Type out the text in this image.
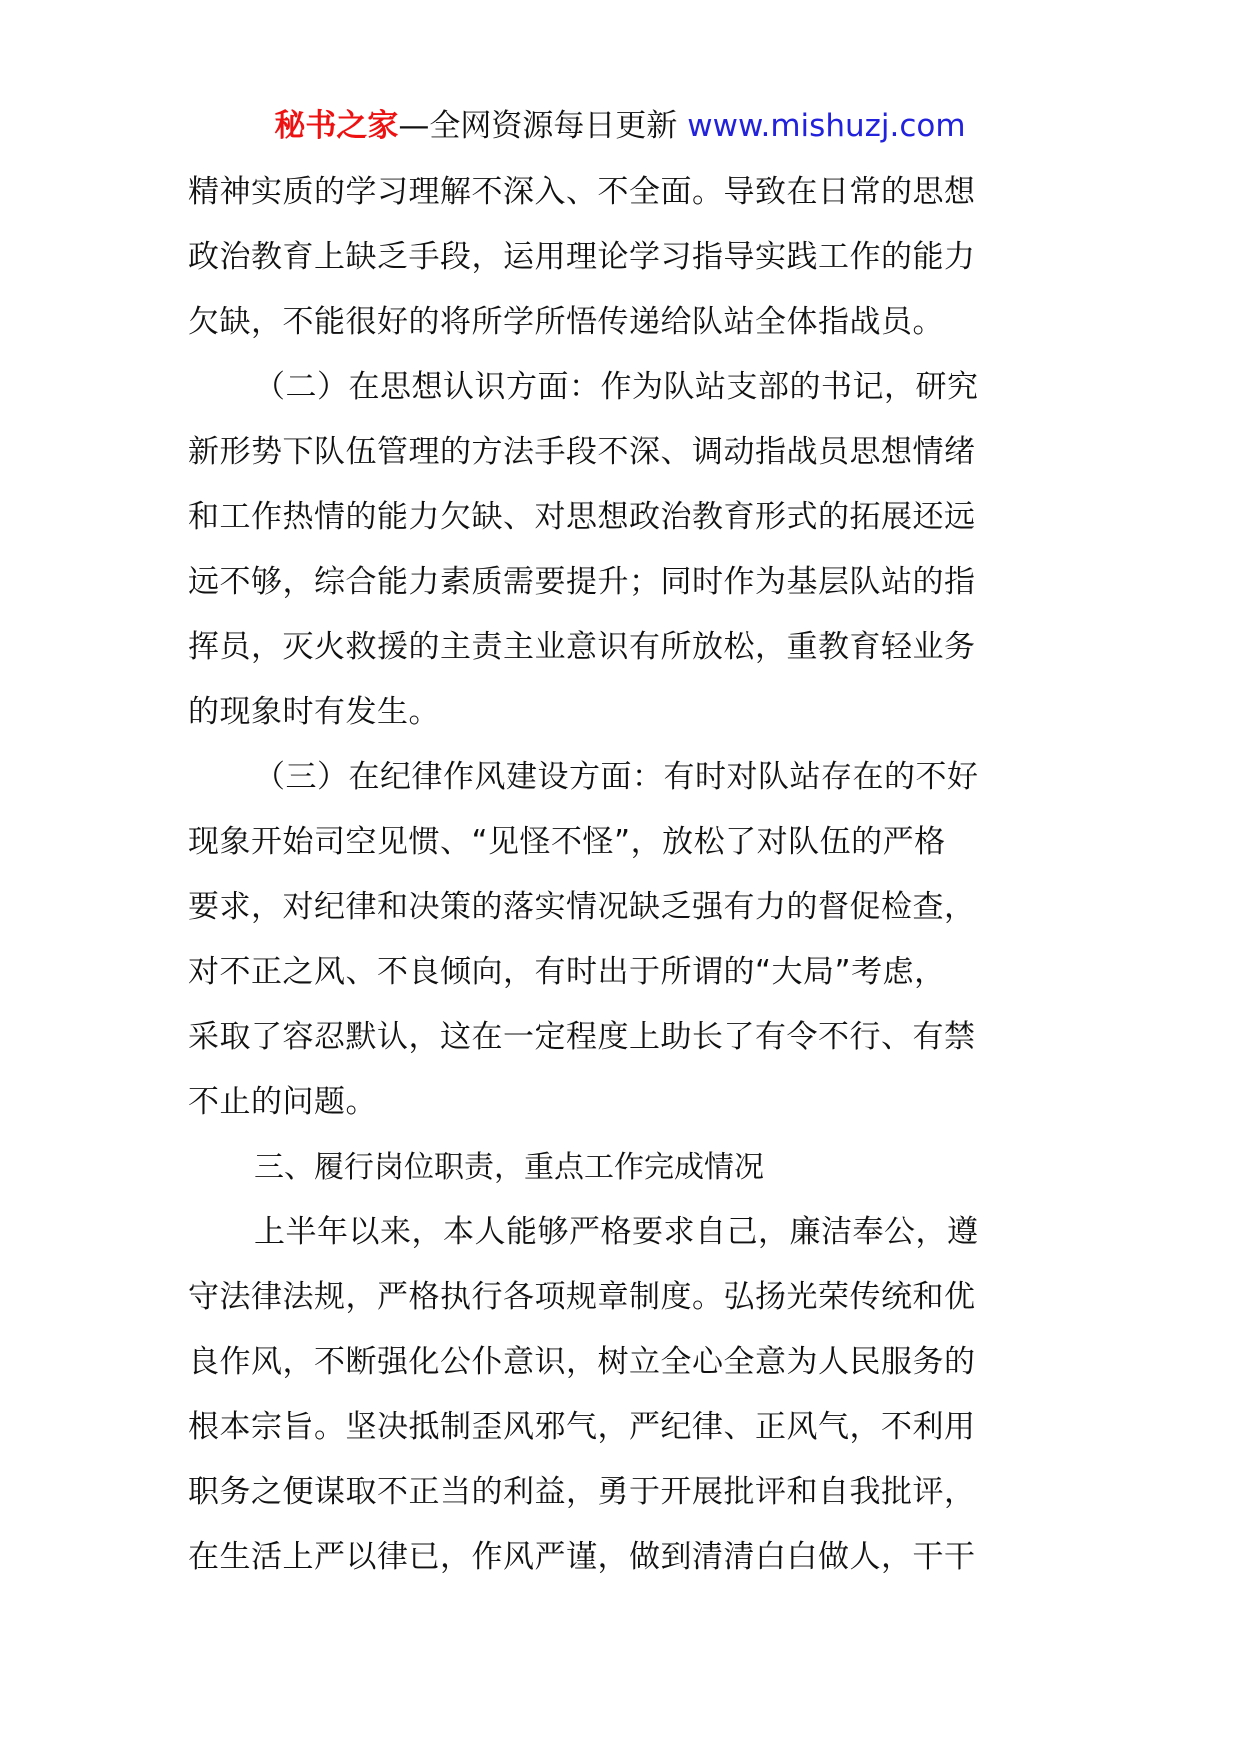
秘书之家—全网资源每日更新 www.mishuzj.com
精神实质的学习理解不深入、不全面。导致在日常的思想
政治教育上缺乏手段，运用理论学习指导实践工作的能力
欠缺，不能很好的将所学所悟传递给队站全体指战员。
（二）在思想认识方面：作为队站支部的书记，研究
新形势下队伍管理的方法手段不深、调动指战员思想情绪
和工作热情的能力欠缺、对思想政治教育形式的拓展还远
远不够，综合能力素质需要提升；同时作为基层队站的指
挥员，灭火救援的主责主业意识有所放松，重教育轻业务
的现象时有发生。
（三）在纪律作风建设方面：有时对队站存在的不好
现象开始司空见惯、“见怪不怪”，放松了对队伍的严格
要求，对纪律和决策的落实情况缺乏强有力的督促检查，
对不正之风、不良倾向，有时出于所谓的“大局”考虑，
采取了容忍默认，这在一定程度上助长了有令不行、有禁
不止的问题。
三、履行岗位职责，重点工作完成情况
上半年以来，本人能够严格要求自己，廉洁奉公，遵
守法律法规，严格执行各项规章制度。弘扬光荣传统和优
良作风，不断强化公仆意识，树立全心全意为人民服务的
根本宗旨。坚决抵制歪风邪气，严纪律、正风气，不利用
职务之便谋取不正当的利益，勇于开展批评和自我批评，
在生活上严以律已，作风严谨，做到清清白白做人，干干
